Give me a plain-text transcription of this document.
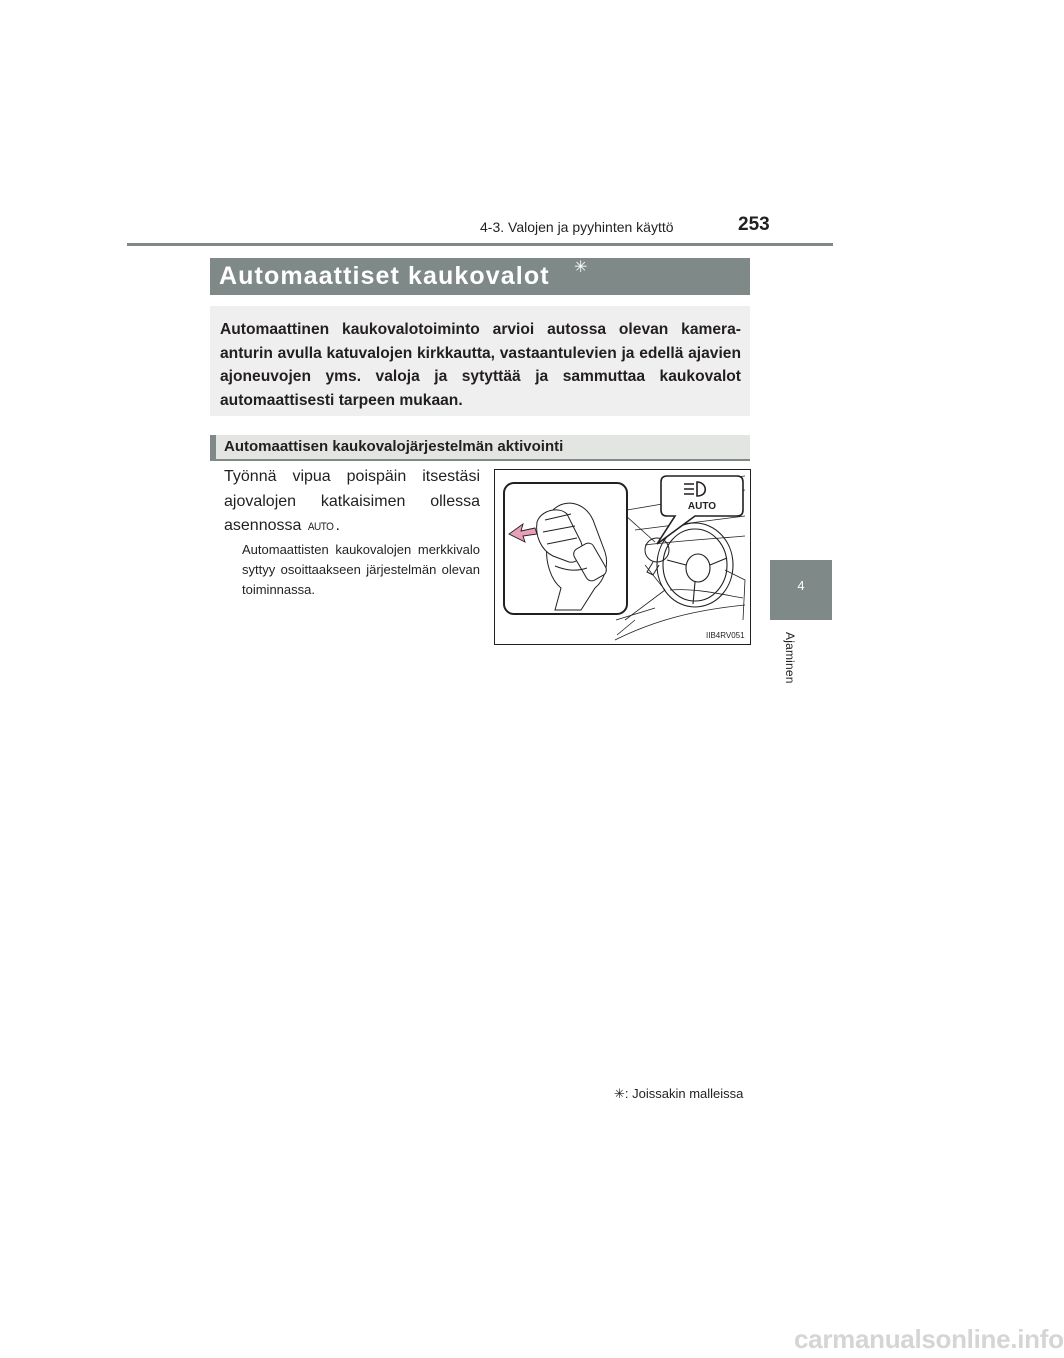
4-3. Valojen ja pyyhinten käyttö	253
4
Ajaminen
Automaattiset kaukovalot ✳
Automaattinen kaukovalotoiminto arvioi autossa olevan kamera-anturin avulla katuvalojen kirkkautta, vastaantulevien ja edellä ajavien ajoneuvojen yms. valoja ja sytyttää ja sammuttaa kaukovalot automaattisesti tarpeen mukaan.
Automaattisen kaukovalojärjestelmän aktivointi
Työnnä vipua poispäin itsestäsi ajovalojen katkaisimen ollessa asennossa AUTO .
Automaattisten kaukovalojen merkkivalo syttyy osoittaakseen järjestelmän olevan toiminnassa.
AUTO
IIB4RV051
✳: Joissakin malleissa
carmanualsonline.info
